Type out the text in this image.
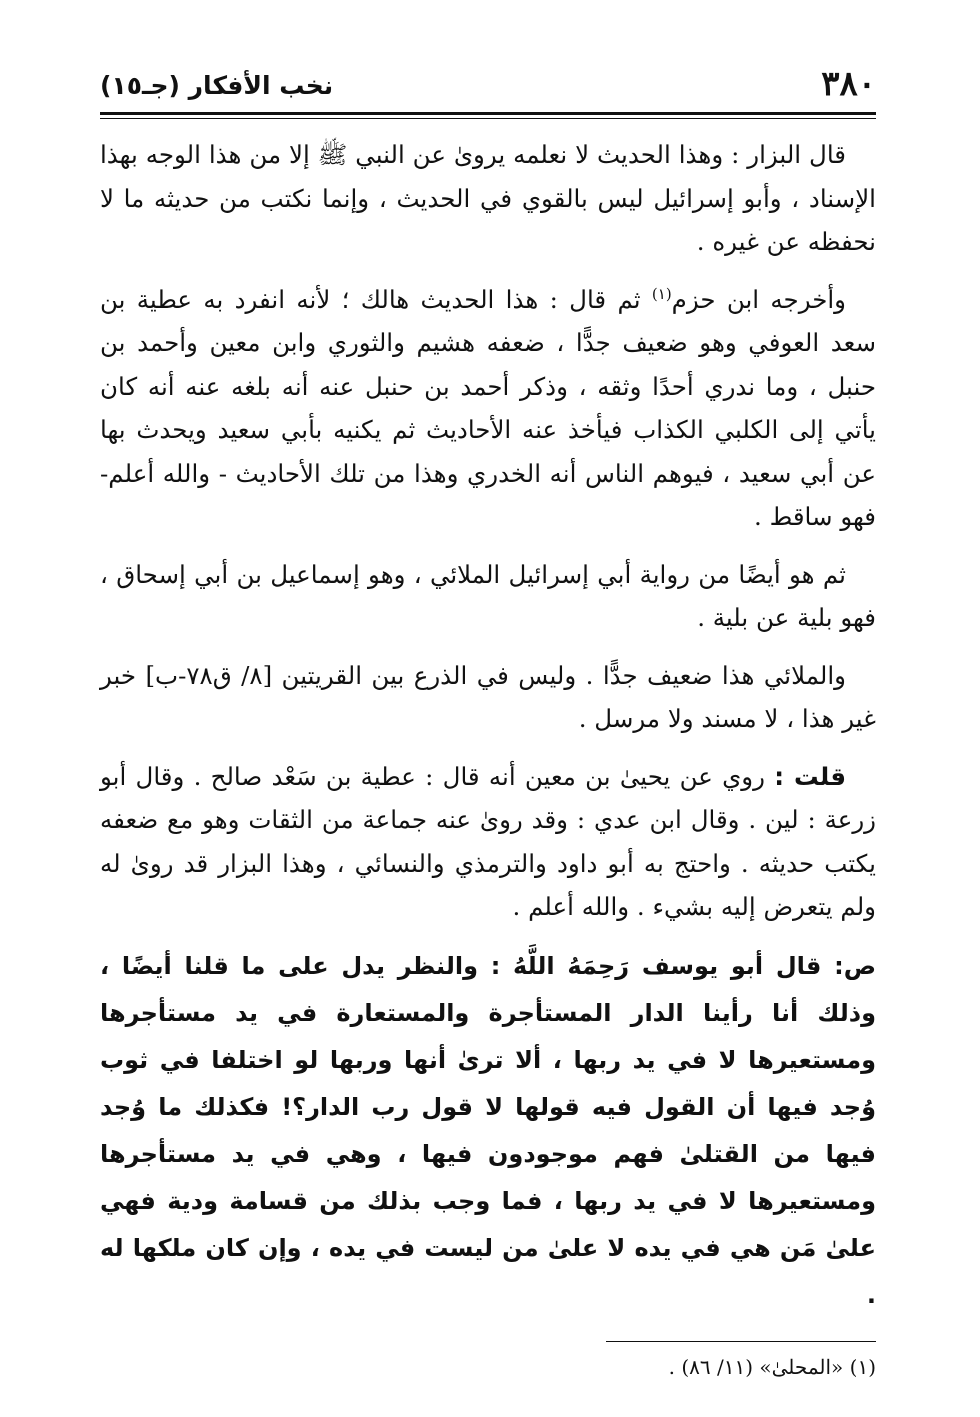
٣٨٠
نخب الأفكار (جـ١٥)

قال البزار : وهذا الحديث لا نعلمه يروىٰ عن النبي ﷺ إلا من هذا الوجه بهذا الإسناد ، وأبو إسرائيل ليس بالقوي في الحديث ، وإنما نكتب من حديثه ما لا نحفظه عن غيره .

وأخرجه ابن حزم$^{(١)}$ ثم قال : هذا الحديث هالك ؛ لأنه انفرد به عطية بن سعد العوفي وهو ضعيف جدًّا ، ضعفه هشيم والثوري وابن معين وأحمد بن حنبل ، وما ندري أحدًا وثقه ، وذكر أحمد بن حنبل عنه أنه بلغه عنه أنه كان يأتي إلى الكلبي الكذاب فيأخذ عنه الأحاديث ثم يكنيه بأبي سعيد ويحدث بها عن أبي سعيد ، فيوهم الناس أنه الخدري وهذا من تلك الأحاديث - والله أعلم- فهو ساقط .

ثم هو أيضًا من رواية أبي إسرائيل الملائي ، وهو إسماعيل بن أبي إسحاق ، فهو بلية عن بلية .

والملائي هذا ضعيف جدًّا . وليس في الذرع بين القريتين [٨/ ق٧٨-ب] خبر غير هذا ، لا مسند ولا مرسل .

قلت : روي عن يحيىٰ بن معين أنه قال : عطية بن سَعْد صالح . وقال أبو زرعة : لين . وقال ابن عدي : وقد روىٰ عنه جماعة من الثقات وهو مع ضعفه يكتب حديثه . واحتج به أبو داود والترمذي والنسائي ، وهذا البزار قد روىٰ له ولم يتعرض إليه بشيء . والله أعلم .

ص: قال أبو يوسف رَحِمَهُ اللَّهُ : والنظر يدل على ما قلنا أيضًا ، وذلك أنا رأينا الدار المستأجرة والمستعارة في يد مستأجرها ومستعيرها لا في يد ربها ، ألا ترىٰ أنها وربها لو اختلفا في ثوب وُجد فيها أن القول فيه قولها لا قول رب الدار؟! فكذلك ما وُجد فيها من القتلىٰ فهم موجودون فيها ، وهي في يد مستأجرها ومستعيرها لا في يد ربها ، فما وجب بذلك من قسامة ودية فهي علىٰ مَن هي في يده لا علىٰ من ليست في يده ، وإن كان ملكها له .

(١) «المحلىٰ» (١١/ ٨٦) .
